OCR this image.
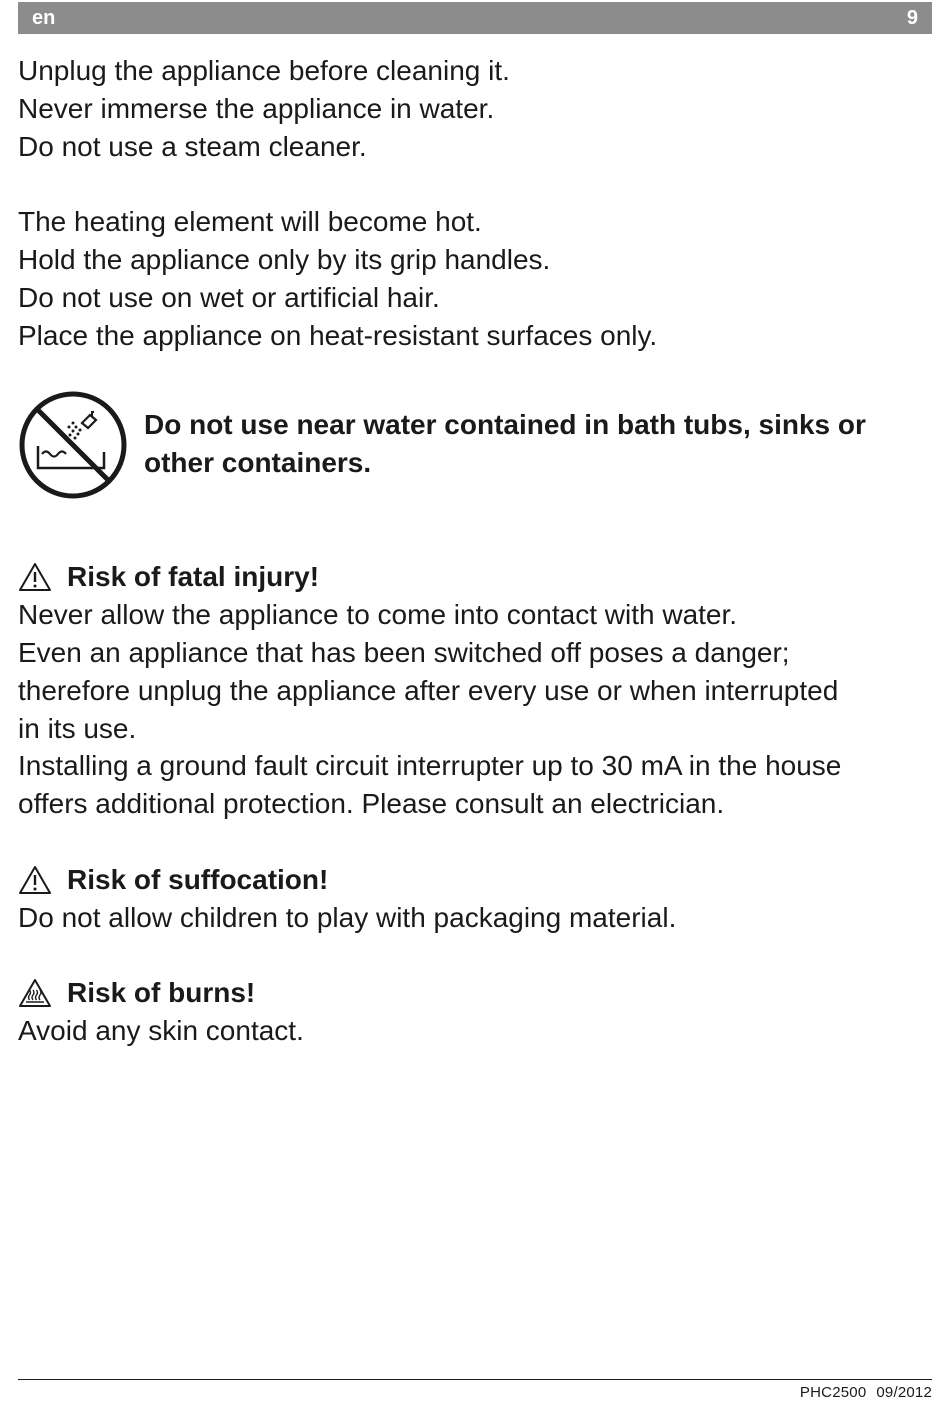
en	9

Unplug the appliance before cleaning it.

Never immerse the appliance in water.

Do not use a steam cleaner.

The heating element will become hot.

Hold the appliance only by its grip handles.

Do not use on wet or artificial hair.

Place the appliance on heat-resistant surfaces only.

Do not use near water contained in bath tubs, sinks or
other containers.
Risk of fatal injury!

Never allow the appliance to come into contact with water.

Even an appliance that has been switched off poses a danger;

therefore unplug the appliance after every use or when interrupted

in its use.

Installing a ground fault circuit interrupter up to 30 mA in the house

offers additional protection. Please consult an electrician.

Risk of suffocation!

Do not allow children to play with packaging material.

Risk of burns!

Avoid any skin contact.

PHC2500 09/2012
